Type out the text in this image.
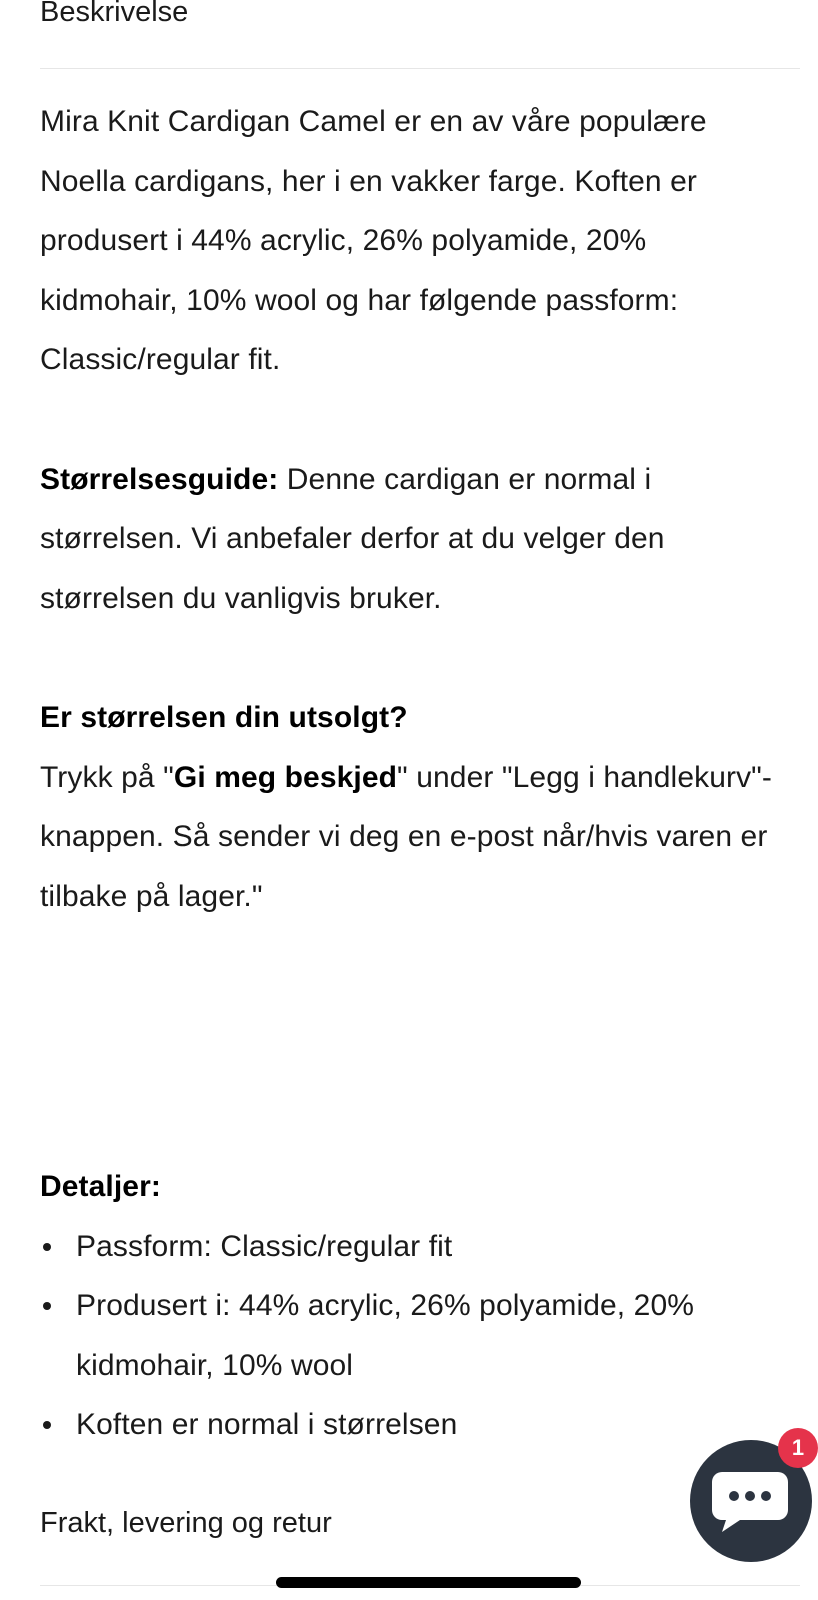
Beskrivelse

Mira Knit Cardigan Camel er en av våre populære Noella cardigans, her i en vakker farge. Koften er produsert i 44% acrylic, 26% polyamide, 20% kidmohair, 10% wool og har følgende passform: Classic/regular fit.

Størrelsesguide: Denne cardigan er normal i størrelsen. Vi anbefaler derfor at du velger den størrelsen du vanligvis bruker.

Er størrelsen din utsolgt?

Trykk på "Gi meg beskjed" under "Legg i handlekurv"-knappen. Så sender vi deg en e-post når/hvis varen er tilbake på lager."

Detaljer:

Passform: Classic/regular fit
Produsert i: 44% acrylic, 26% polyamide, 20% kidmohair, 10% wool
Koften er normal i størrelsen
Frakt, levering og retur
1
